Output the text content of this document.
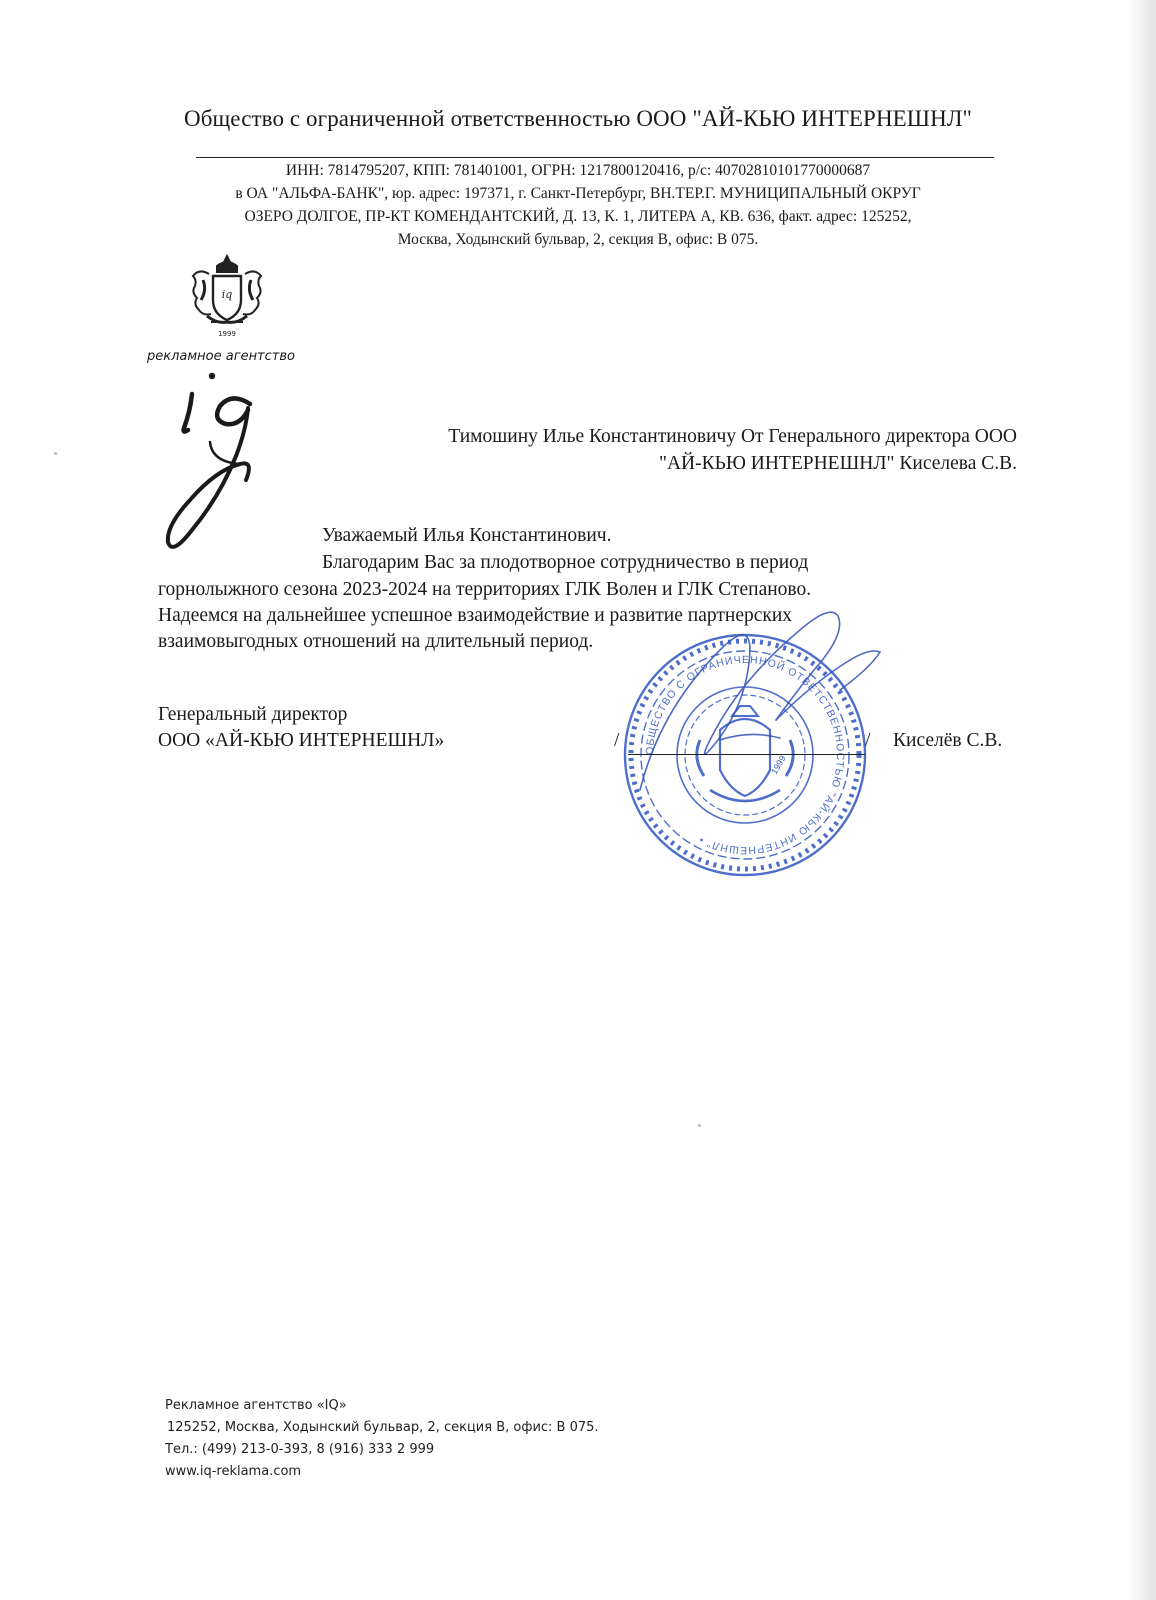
Общество с ограниченной ответственностью ООО "АЙ-КЬЮ ИНТЕРНЕШНЛ"
ИНН: 7814795207, КПП: 781401001, ОГРН: 1217800120416, р/с: 40702810101770000687
в ОА "АЛЬФА-БАНК", юр. адрес: 197371, г. Санкт-Петербург, ВН.ТЕР.Г. МУНИЦИПАЛЬНЫЙ ОКРУГ
ОЗЕРО ДОЛГОЕ, ПР-КТ КОМЕНДАНТСКИЙ, Д. 13, К. 1, ЛИТЕРА А, КВ. 636, факт. адрес: 125252,
Москва, Ходынский бульвар, 2, секция В, офис: В 075.
iq
1999
рекламное агентство
iq
Тимошину Илье Константиновичу От Генерального директора ООО
"АЙ-КЬЮ ИНТЕРНЕШНЛ" Киселева С.В.
Уважаемый Илья Константинович.
Благодарим Вас за плодотворное сотрудничество в период
горнолыжного сезона 2023-2024 на территориях ГЛК Волен и ГЛК Степаново.
Надеемся на дальнейшее успешное взаимодействие и развитие партнерских
взаимовыгодных отношений на длительный период.
Генеральный директор
ООО «АЙ-КЬЮ ИНТЕРНЕШНЛ»	ОБЩЕСТВО С ОГРАНИЧЕННОЙ ОТВЕТСТВЕННОСТЬЮ "АЙ-КЬЮ ИНТЕРНЕШНЛ" •
1999
/	/ Киселёв С.В.
Рекламное агентство «IQ»
125252, Москва, Ходынский бульвар, 2, секция В, офис: В 075.
Тел.: (499) 213-0-393, 8 (916) 333 2 999
www.iq-reklama.com
